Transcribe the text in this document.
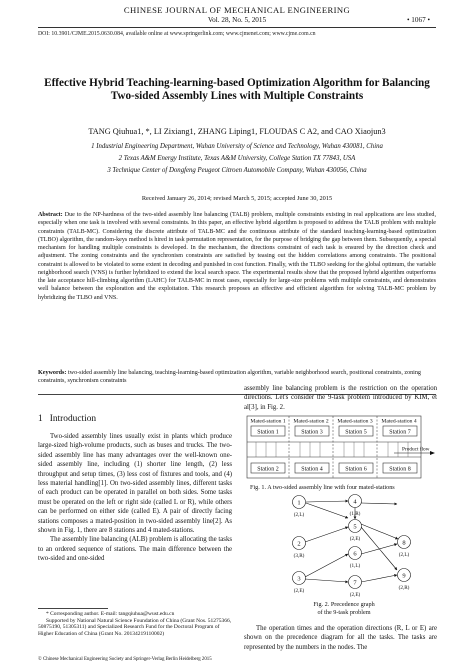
CHINESE JOURNAL OF MECHANICAL ENGINEERING
Vol. 28, No. 5, 2015	• 1067 •
DOI: 10.3901/CJME.2015.0630.084, available online at www.springerlink.com; www.cjmenet.com; www.cjme.com.cn
Effective Hybrid Teaching-learning-based Optimization Algorithm for Balancing
Two-sided Assembly Lines with Multiple Constraints
TANG Qiuhua1, *, LI Zixiang1, ZHANG Liping1, FLOUDAS C A2, and CAO Xiaojun3
1 Industrial Engineering Department, Wuhan University of Science and Technology, Wuhan 430081, China
2 Texas A&M Energy Institute, Texas A&M University, College Station TX 77843, USA
3 Technique Center of Dongfeng Peugeot Citroen Automobile Company, Wuhan 430056, China
Received January 26, 2014; revised March 5, 2015; accepted June 30, 2015
Abstract: Due to the NP-hardness of the two-sided assembly line balancing (TALB) problem, multiple constraints existing in real applications are less studied, especially when one task is involved with several constraints. In this paper, an effective hybrid algorithm is proposed to address the TALB problem with multiple constraints (TALB-MC). Considering the discrete attribute of TALB-MC and the continuous attribute of the standard teaching-learning-based optimization (TLBO) algorithm, the random-keys method is hired in task permutation representation, for the purpose of bridging the gap between them. Subsequently, a special mechanism for handling multiple constraints is developed. In the mechanism, the directions constraint of each task is ensured by the direction check and adjustment. The zoning constraints and the synchronism constraints are satisfied by teasing out the hidden correlations among constraints. The positional constraint is allowed to be violated to some extent in decoding and punished in cost function. Finally, with the TLBO seeking for the global optimum, the variable neighborhood search (VNS) is further hybridized to extend the local search space. The experimental results show that the proposed hybrid algorithm outperforms the late acceptance hill-climbing algorithm (LAHC) for TALB-MC in most cases, especially for large-size problems with multiple constraints, and demonstrates well balance between the exploration and the exploitation. This research proposes an effective and efficient algorithm for solving TALB-MC problem by hybridizing the TLBO and VNS.
Keywords: two-sided assembly line balancing, teaching-learning-based optimization algorithm, variable neighborhood search, positional constraints, zoning constraints, synchronism constraints
1 Introduction
Two-sided assembly lines usually exist in plants which produce large-sized high-volume products, such as buses and trucks. The two-sided assembly line has many advantages over the well-known one-sided assembly line, including (1) shorter line length, (2) less throughput and setup times, (3) less cost of fixtures and tools, and (4) less material handling[1]. On two-sided assembly lines, different tasks of each product can be operated in parallel on both sides. Some tasks must be operated on the left or right side (called L or R), while others can be performed on either side (called E). A pair of directly facing stations composes a mated-position in two-sided assembly line[2]. As shown in Fig. 1, there are 8 stations and 4 mated-stations.
The assembly line balancing (ALB) problem is allocating the tasks to an ordered sequence of stations. The main difference between the two-sided and one-sided
* Corresponding author. E-mail: tangqiuhua@wust.edu.cn
Supported by National Natural Science Foundation of China (Grant Nos. 51275366, 50875190, 51305311) and Specialized Research Fund for the Doctoral Program of Higher Education of China (Grant No. 20134219110002)
© Chinese Mechanical Engineering Society and Springer-Verlag Berlin Heidelberg 2015
assembly line balancing problem is the restriction on the operation directions. Let's consider the 9-task problem introduced by KIM, et al[3], in Fig. 2.
Mated-station 1 Mated-station 2 Mated-station 3 Mated-station 4
Station 1	Station 3	Station 5	Station 7
Station 2	Station 4	Station 6	Station 8
Product flow
Fig. 1. A two-sided assembly line with four mated-stations
1
2
3
4
5
6
7
8
9
(2,L)
(3,R)
(2,E)
(1,R)
(2,E)
(1,L)
(2,E)
(2,L)
(2,R)
Fig. 2. Precedence graph
of the 9-task problem
The operation times and the operation directions (R, L or E) are shown on the precedence diagram for all the tasks. The tasks are represented by the numbers in the nodes. The
